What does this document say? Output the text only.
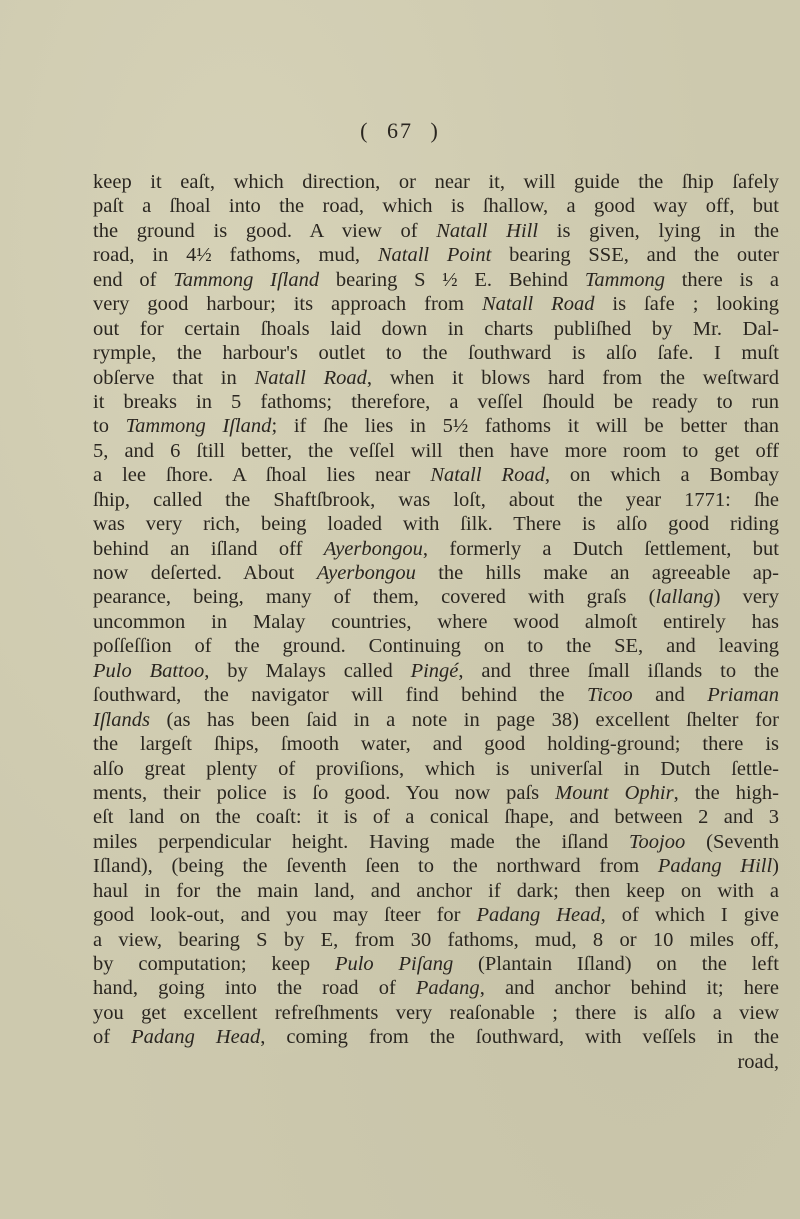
( 67 )
keep it eaſt, which direction, or near it, will guide the ſhip ſafely
paſt a ſhoal into the road, which is ſhallow, a good way off, but
the ground is good. A view of Natall Hill is given, lying in the
road, in 4½ fathoms, mud, Natall Point bearing SSE, and the outer
end of Tammong Iſland bearing S ½ E. Behind Tammong there is a
very good harbour; its approach from Natall Road is ſafe ; looking
out for certain ſhoals laid down in charts publiſhed by Mr. Dal-
rymple, the harbour's outlet to the ſouthward is alſo ſafe. I muſt
obſerve that in Natall Road, when it blows hard from the weſtward
it breaks in 5 fathoms; therefore, a veſſel ſhould be ready to run
to Tammong Iſland; if ſhe lies in 5½ fathoms it will be better than
5, and 6 ſtill better, the veſſel will then have more room to get off
a lee ſhore. A ſhoal lies near Natall Road, on which a Bombay
ſhip, called the Shaftſbrook, was loſt, about the year 1771: ſhe
was very rich, being loaded with ſilk. There is alſo good riding
behind an iſland off Ayerbongou, formerly a Dutch ſettlement, but
now deſerted. About Ayerbongou the hills make an agreeable ap-
pearance, being, many of them, covered with graſs (lallang) very
uncommon in Malay countries, where wood almoſt entirely has
poſſeſſion of the ground. Continuing on to the SE, and leaving
Pulo Battoo, by Malays called Pingé, and three ſmall iſlands to the
ſouthward, the navigator will find behind the Ticoo and Priaman
Iſlands (as has been ſaid in a note in page 38) excellent ſhelter for
the largeſt ſhips, ſmooth water, and good holding-ground; there is
alſo great plenty of proviſions, which is univerſal in Dutch ſettle-
ments, their police is ſo good. You now paſs Mount Ophir, the high-
eſt land on the coaſt: it is of a conical ſhape, and between 2 and 3
miles perpendicular height. Having made the iſland Toojoo (Seventh
Iſland), (being the ſeventh ſeen to the northward from Padang Hill)
haul in for the main land, and anchor if dark; then keep on with a
good look-out, and you may ſteer for Padang Head, of which I give
a view, bearing S by E, from 30 fathoms, mud, 8 or 10 miles off,
by computation; keep Pulo Piſang (Plantain Iſland) on the left
hand, going into the road of Padang, and anchor behind it; here
you get excellent refreſhments very reaſonable ; there is alſo a view
of Padang Head, coming from the ſouthward, with veſſels in the
road,
